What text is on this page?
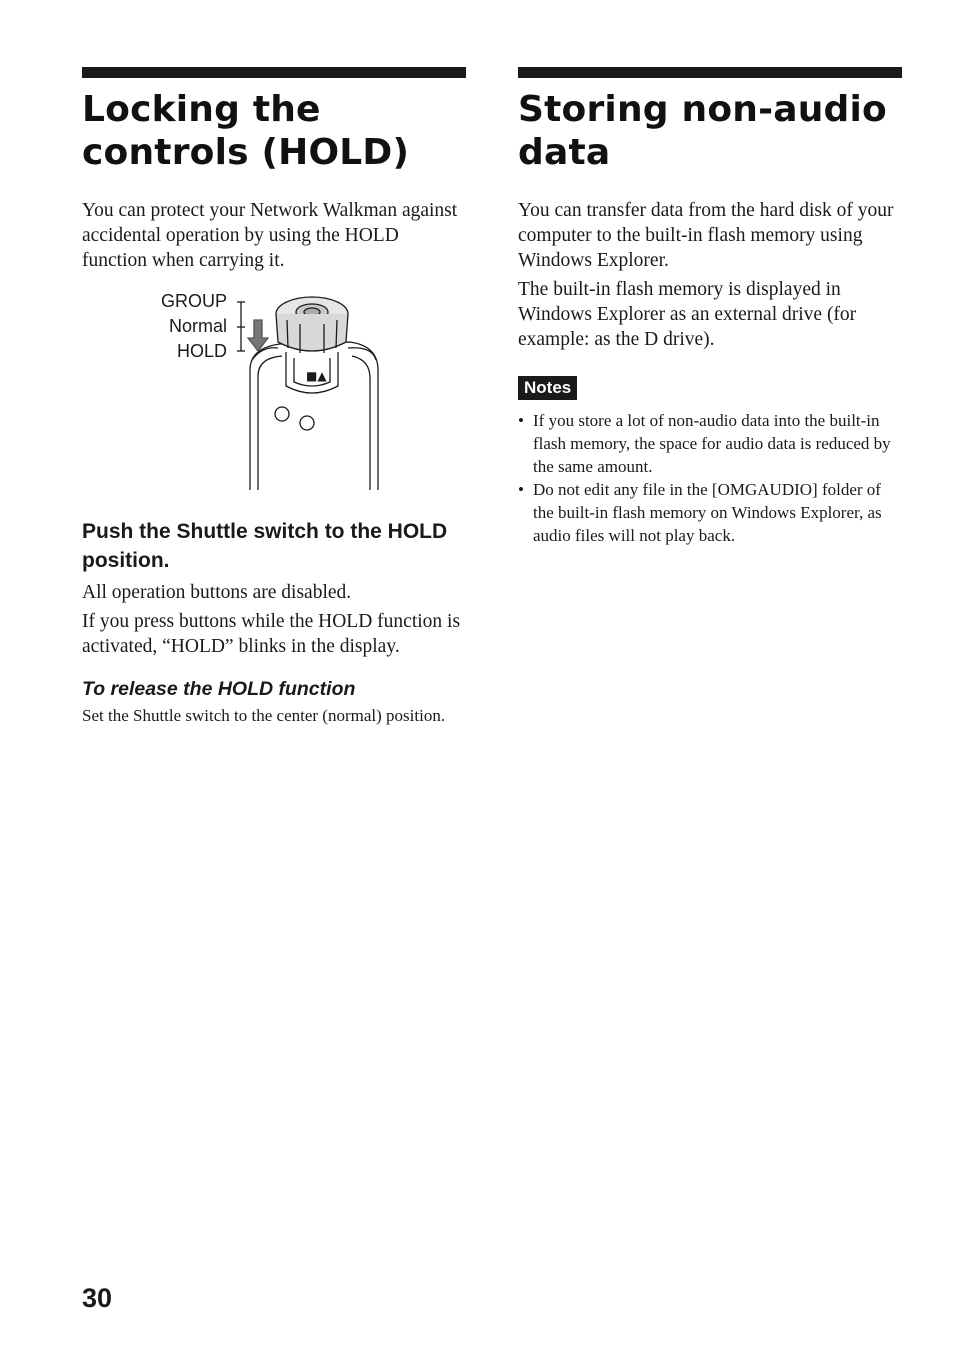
Locking the
controls (HOLD)

You can protect your Network Walkman against accidental operation by using the HOLD function when carrying it.

GROUP
Normal
HOLD
■▲
Push the Shuttle switch to the HOLD position.

All operation buttons are disabled.

If you press buttons while the HOLD function is activated, “HOLD” blinks in the display.

To release the HOLD function

Set the Shuttle switch to the center (normal) position.

Storing non-audio
data

You can transfer data from the hard disk of your computer to the built-in flash memory using Windows Explorer.

The built-in flash memory is displayed in Windows Explorer as an external drive (for example: as the D drive).

Notes
• If you store a lot of non-audio data into the built-in flash memory, the space for audio data is reduced by the same amount.
• Do not edit any file in the [OMGAUDIO] folder of the built-in flash memory on Windows Explorer, as audio files will not play back.
30
